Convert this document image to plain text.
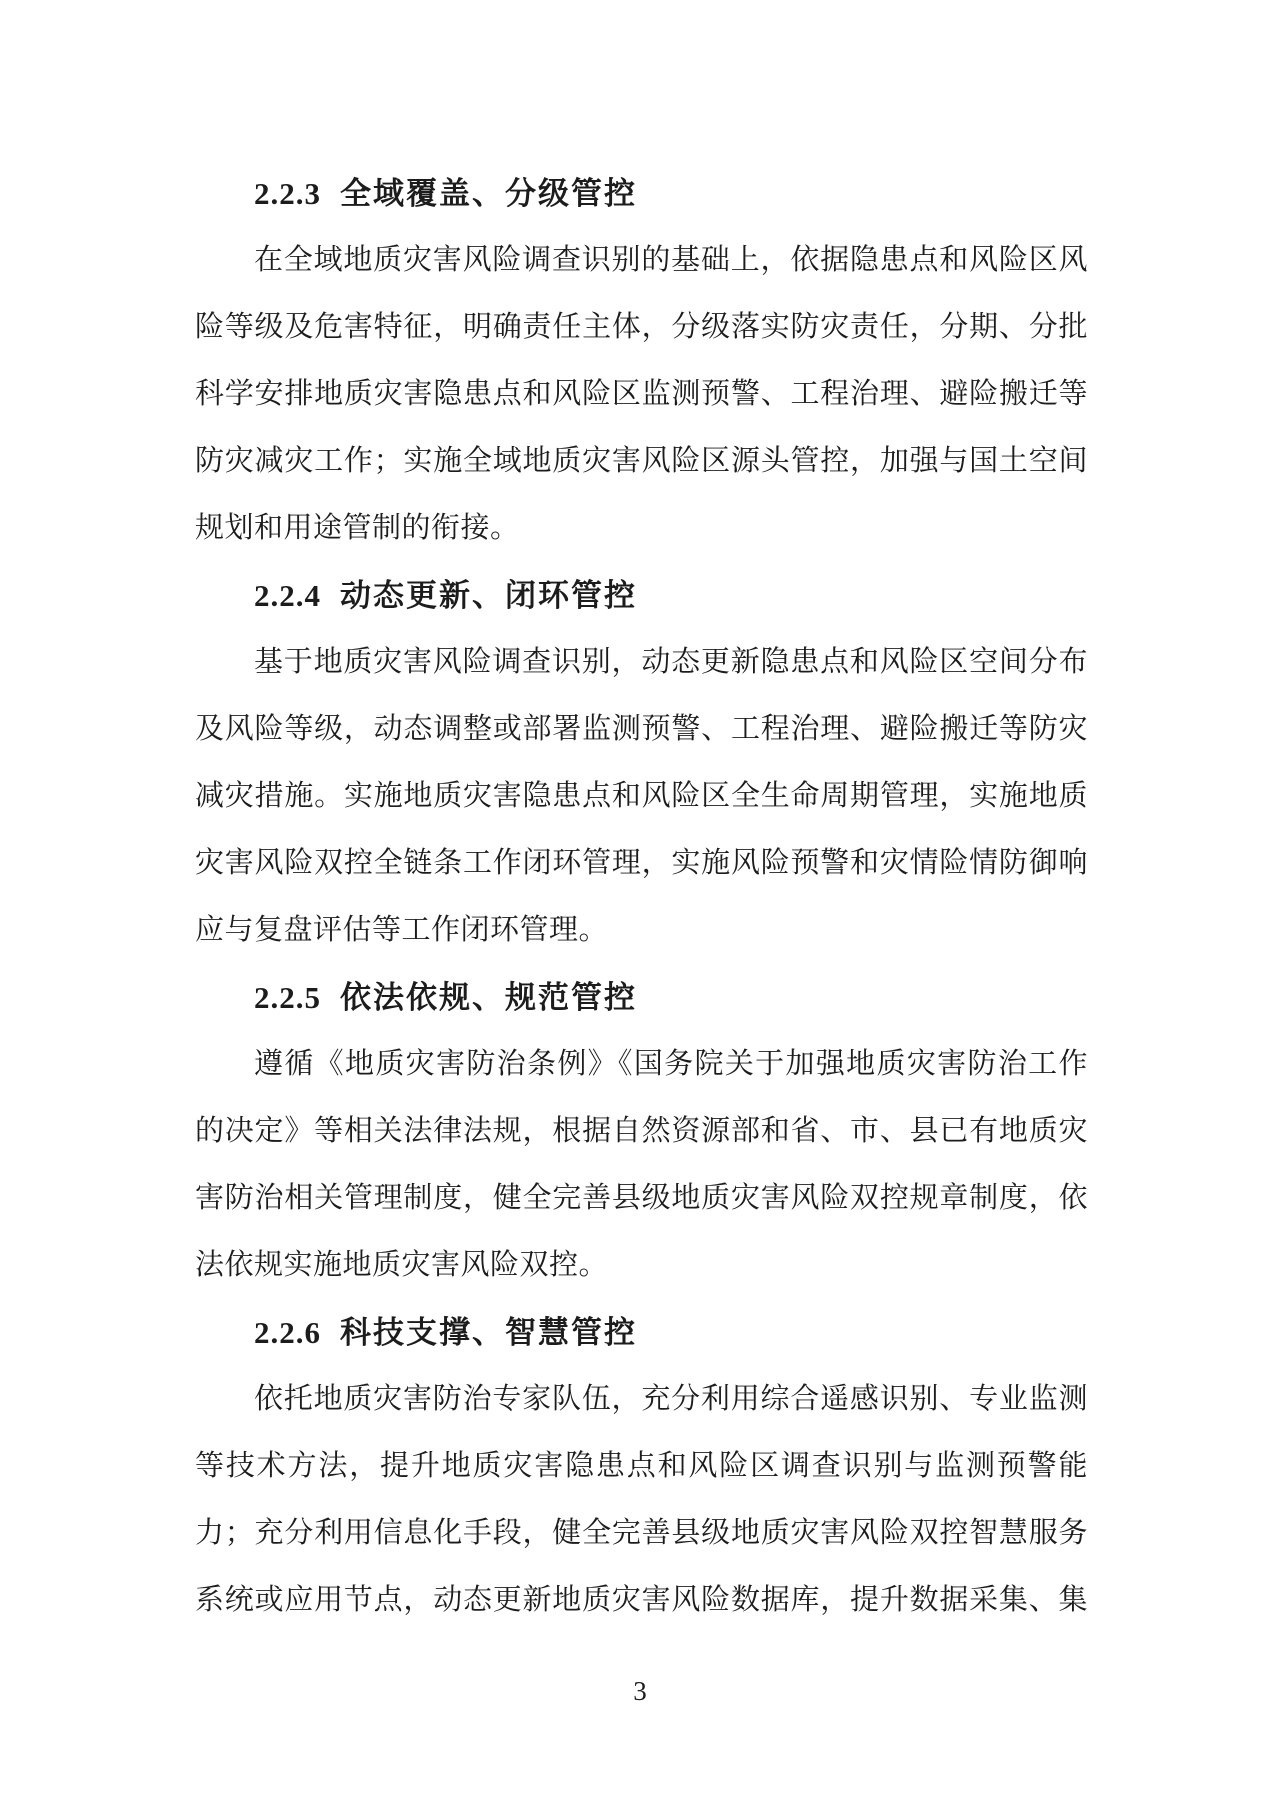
2.2.3 全域覆盖、分级管控
在全域地质灾害风险调查识别的基础上，依据隐患点和风险区风
险等级及危害特征，明确责任主体，分级落实防灾责任，分期、分批
科学安排地质灾害隐患点和风险区监测预警、工程治理、避险搬迁等
防灾减灾工作；实施全域地质灾害风险区源头管控，加强与国土空间
规划和用途管制的衔接。
2.2.4 动态更新、闭环管控
基于地质灾害风险调查识别，动态更新隐患点和风险区空间分布
及风险等级，动态调整或部署监测预警、工程治理、避险搬迁等防灾
减灾措施。实施地质灾害隐患点和风险区全生命周期管理，实施地质
灾害风险双控全链条工作闭环管理，实施风险预警和灾情险情防御响
应与复盘评估等工作闭环管理。
2.2.5 依法依规、规范管控
遵循《地质灾害防治条例》《国务院关于加强地质灾害防治工作
的决定》等相关法律法规，根据自然资源部和省、市、县已有地质灾
害防治相关管理制度，健全完善县级地质灾害风险双控规章制度，依
法依规实施地质灾害风险双控。
2.2.6 科技支撑、智慧管控
依托地质灾害防治专家队伍，充分利用综合遥感识别、专业监测
等技术方法，提升地质灾害隐患点和风险区调查识别与监测预警能
力；充分利用信息化手段，健全完善县级地质灾害风险双控智慧服务
系统或应用节点，动态更新地质灾害风险数据库，提升数据采集、集
3
